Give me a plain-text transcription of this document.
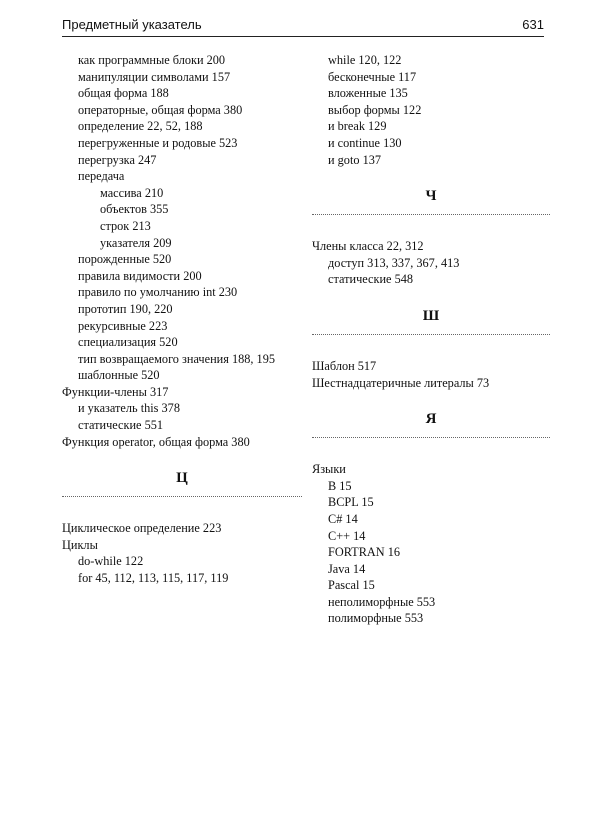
Предметный указатель	631
как программные блоки 200
манипуляции символами 157
общая форма 188
операторные, общая форма 380
определение 22, 52, 188
перегруженные и родовые 523
перегрузка 247
передача
массива 210
объектов 355
строк 213
указателя 209
порожденные 520
правила видимости 200
правило по умолчанию int 230
прототип 190, 220
рекурсивные 223
специализация 520
тип возвращаемого значения 188, 195
шаблонные 520
Функции-члены 317
и указатель this 378
статические 551
Функция operator, общая форма 380
Ц
Циклическое определение 223
Циклы
do-while 122
for 45, 112, 113, 115, 117, 119
while 120, 122
бесконечные 117
вложенные 135
выбор формы 122
и break 129
и continue 130
и goto 137
Ч
Члены класса 22, 312
доступ 313, 337, 367, 413
статические 548
Ш
Шаблон 517
Шестнадцатеричные литералы 73
Я
Языки
B 15
BCPL 15
C# 14
C++ 14
FORTRAN 16
Java 14
Pascal 15
неполиморфные 553
полиморфные 553
